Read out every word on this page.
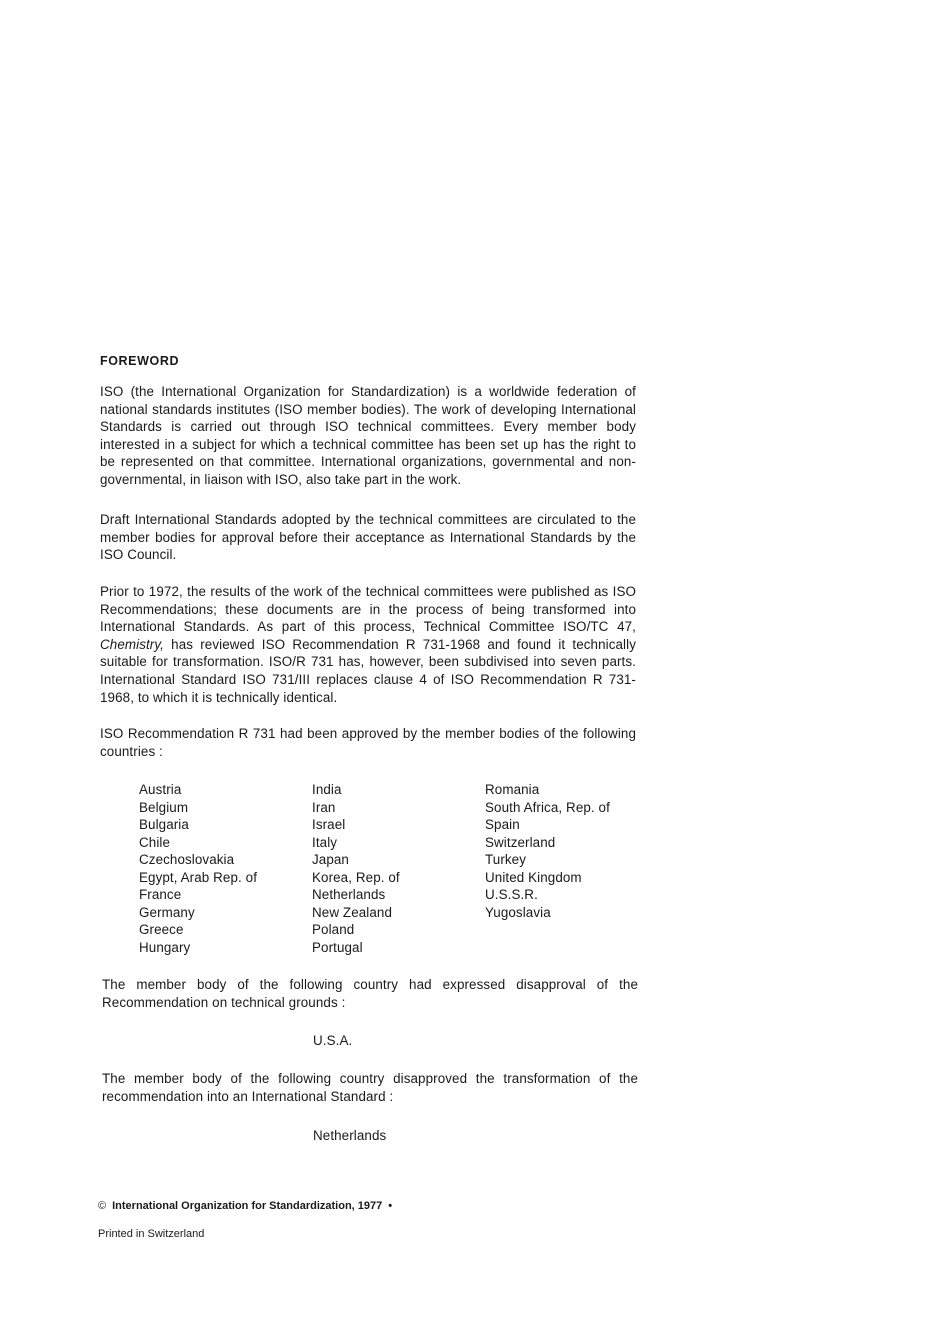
FOREWORD

ISO (the International Organization for Standardization) is a worldwide federation of national standards institutes (ISO member bodies). The work of developing International Standards is carried out through ISO technical committees. Every member body interested in a subject for which a technical committee has been set up has the right to be represented on that committee. International organizations, governmental and non-governmental, in liaison with ISO, also take part in the work.

Draft International Standards adopted by the technical committees are circulated to the member bodies for approval before their acceptance as International Standards by the ISO Council.

Prior to 1972, the results of the work of the technical committees were published as ISO Recommendations; these documents are in the process of being transformed into International Standards. As part of this process, Technical Committee ISO/TC 47, Chemistry, has reviewed ISO Recommendation R 731-1968 and found it technically suitable for transformation. ISO/R 731 has, however, been subdivised into seven parts. International Standard ISO 731/III replaces clause 4 of ISO Recommendation R 731-1968, to which it is technically identical.

ISO Recommendation R 731 had been approved by the member bodies of the following countries :

Austria
Belgium
Bulgaria
Chile
Czechoslovakia
Egypt, Arab Rep. of
France
Germany
Greece
Hungary
India
Iran
Israel
Italy
Japan
Korea, Rep. of
Netherlands
New Zealand
Poland
Portugal
Romania
South Africa, Rep. of
Spain
Switzerland
Turkey
United Kingdom
U.S.S.R.
Yugoslavia

The member body of the following country had expressed disapproval of the Recommendation on technical grounds :

U.S.A.

The member body of the following country disapproved the transformation of the recommendation into an International Standard :

Netherlands
© International Organization for Standardization, 1977 •
Printed in Switzerland
